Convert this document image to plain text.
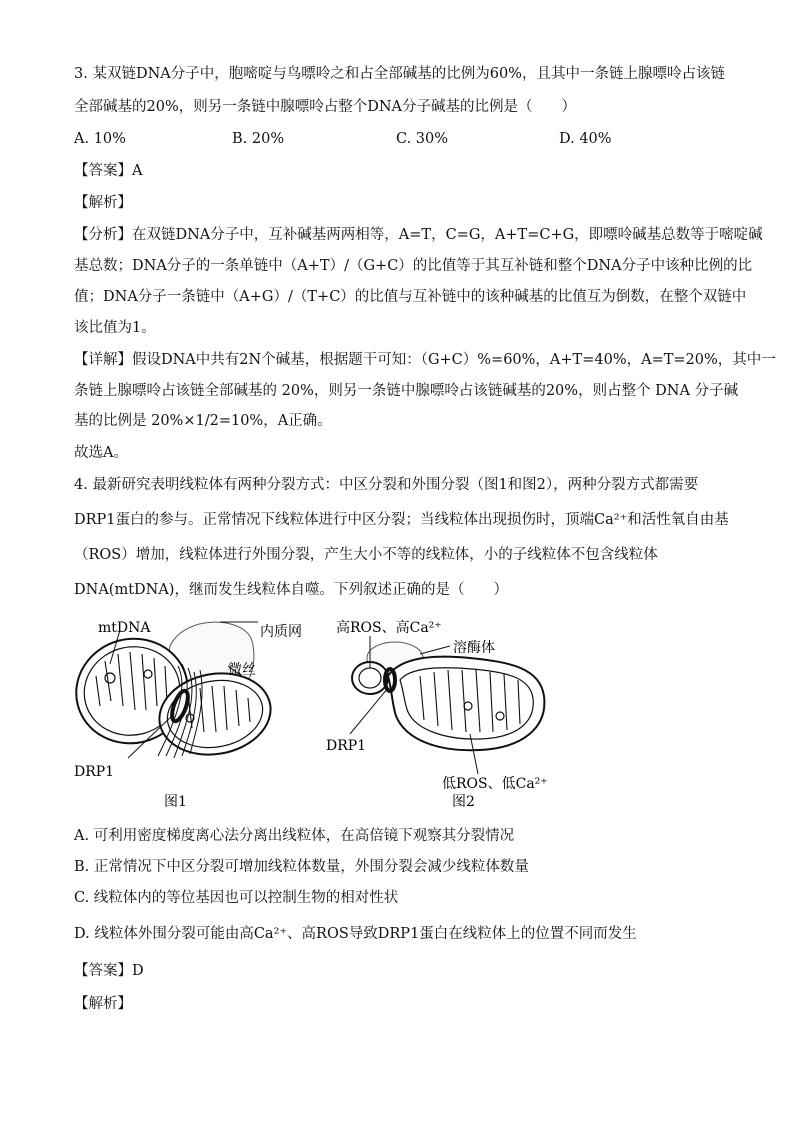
3. 某双链DNA分子中，胞嘧啶与鸟嘌呤之和占全部碱基的比例为60%，且其中一条链上腺嘌呤占该链
全部碱基的20%，则另一条链中腺嘌呤占整个DNA分子碱基的比例是（　　）
A. 10%	B. 20%	C. 30%	D. 40%
【答案】A
【解析】
【分析】在双链DNA分子中，互补碱基两两相等，A=T，C=G，A+T=C+G，即嘌呤碱基总数等于嘧啶碱
基总数；DNA分子的一条单链中（A+T）/（G+C）的比值等于其互补链和整个DNA分子中该种比例的比
值；DNA分子一条链中（A+G）/（T+C）的比值与互补链中的该种碱基的比值互为倒数，在整个双链中
该比值为1。
【详解】假设DNA中共有2N个碱基，根据题干可知：（G+C）%=60%，A+T=40%，A=T=20%，其中一
条链上腺嘌呤占该链全部碱基的 20%，则另一条链中腺嘌呤占该链碱基的20%，则占整个 DNA 分子碱
基的比例是 20%×1/2=10%，A正确。
故选A。
4. 最新研究表明线粒体有两种分裂方式：中区分裂和外围分裂（图1和图2），两种分裂方式都需要
DRP1蛋白的参与。正常情况下线粒体进行中区分裂；当线粒体出现损伤时，顶端Ca²⁺和活性氧自由基
（ROS）增加，线粒体进行外围分裂，产生大小不等的线粒体，小的子线粒体不包含线粒体
DNA(mtDNA)，继而发生线粒体自噬。下列叙述正确的是（　　）
mtDNA	内质网
微丝
DRP1
图1
高ROS、高Ca²⁺
溶酶体
DRP1
低ROS、低Ca²⁺
图2
A. 可利用密度梯度离心法分离出线粒体，在高倍镜下观察其分裂情况
B. 正常情况下中区分裂可增加线粒体数量，外围分裂会减少线粒体数量
C. 线粒体内的等位基因也可以控制生物的相对性状
D. 线粒体外围分裂可能由高Ca²⁺、高ROS导致DRP1蛋白在线粒体上的位置不同而发生
【答案】D
【解析】
